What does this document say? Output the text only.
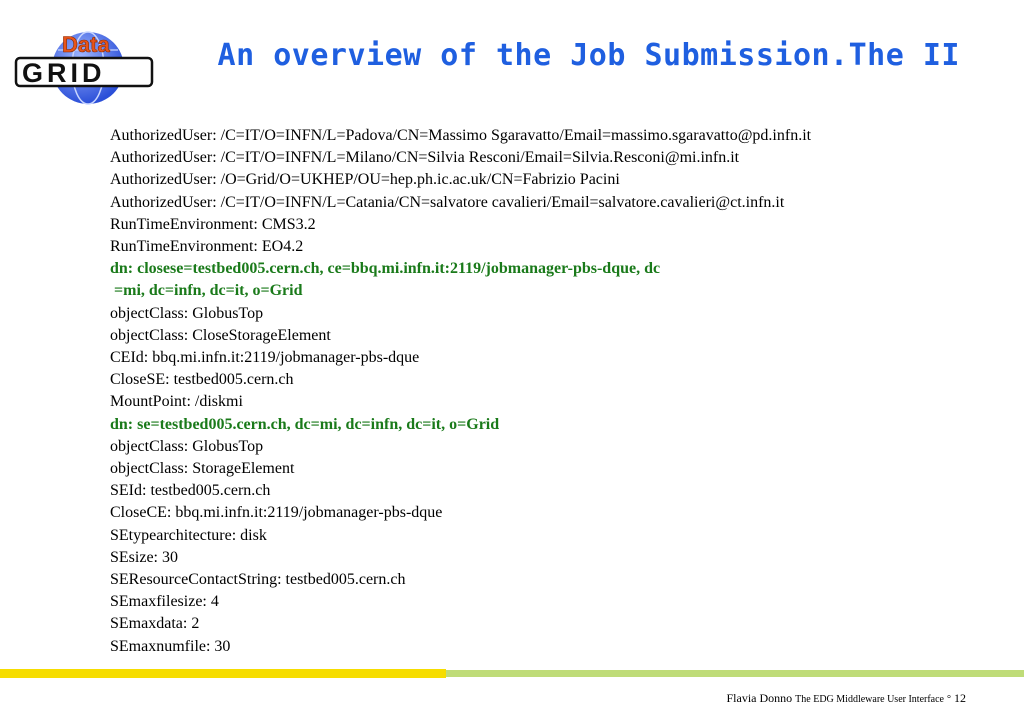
Data
GRID	An overview of the Job Submission.The II
AuthorizedUser: /C=IT/O=INFN/L=Padova/CN=Massimo Sgaravatto/Email=massimo.sgaravatto@pd.infn.it
AuthorizedUser: /C=IT/O=INFN/L=Milano/CN=Silvia Resconi/Email=Silvia.Resconi@mi.infn.it
AuthorizedUser: /O=Grid/O=UKHEP/OU=hep.ph.ic.ac.uk/CN=Fabrizio Pacini
AuthorizedUser: /C=IT/O=INFN/L=Catania/CN=salvatore cavalieri/Email=salvatore.cavalieri@ct.infn.it
RunTimeEnvironment: CMS3.2
RunTimeEnvironment: EO4.2
dn: closese=testbed005.cern.ch, ce=bbq.mi.infn.it:2119/jobmanager-pbs-dque, dc
=mi, dc=infn, dc=it, o=Grid
objectClass: GlobusTop
objectClass: CloseStorageElement
CEId: bbq.mi.infn.it:2119/jobmanager-pbs-dque
CloseSE: testbed005.cern.ch
MountPoint: /diskmi
dn: se=testbed005.cern.ch, dc=mi, dc=infn, dc=it, o=Grid
objectClass: GlobusTop
objectClass: StorageElement
SEId: testbed005.cern.ch
CloseCE: bbq.mi.infn.it:2119/jobmanager-pbs-dque
SEtypearchitecture: disk
SEsize: 30
SEResourceContactString: testbed005.cern.ch
SEmaxfilesize: 4
SEmaxdata: 2
SEmaxnumfile: 30
Flavia Donno The EDG Middleware User Interface ° 12
